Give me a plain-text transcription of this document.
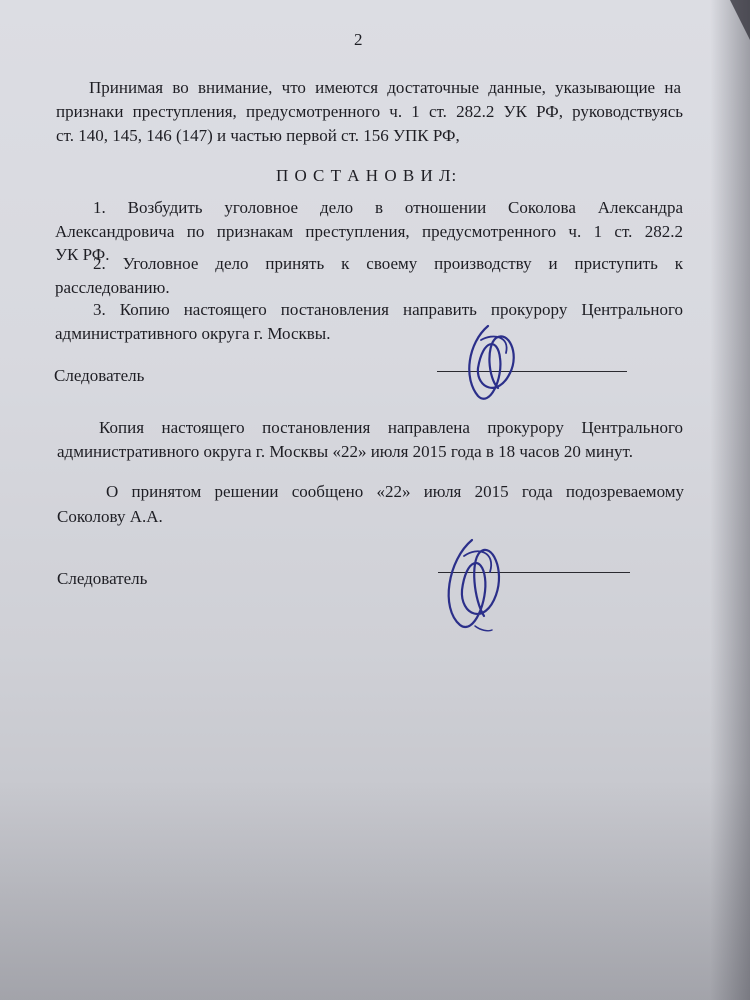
2
Принимая во внимание, что имеются достаточные данные, указывающие на
признаки преступления, предусмотренного ч. 1 ст. 282.2 УК РФ, руководствуясь
ст. 140, 145, 146 (147) и частью первой ст. 156 УПК РФ,
П О С Т А Н О В И Л:
1. Возбудить уголовное дело в отношении Соколова Александра
Александровича по признакам преступления, предусмотренного ч. 1 ст. 282.2
УК РФ.
2. Уголовное дело принять к своему производству и приступить к
расследованию.
3. Копию настоящего постановления направить прокурору Центрального
административного округа г. Москвы.
Следователь
Копия настоящего постановления направлена прокурору Центрального
административного округа г. Москвы «22» июля 2015 года в 18 часов 20 минут.
О принятом решении сообщено «22» июля 2015 года подозреваемому
Соколову А.А.
Следователь
